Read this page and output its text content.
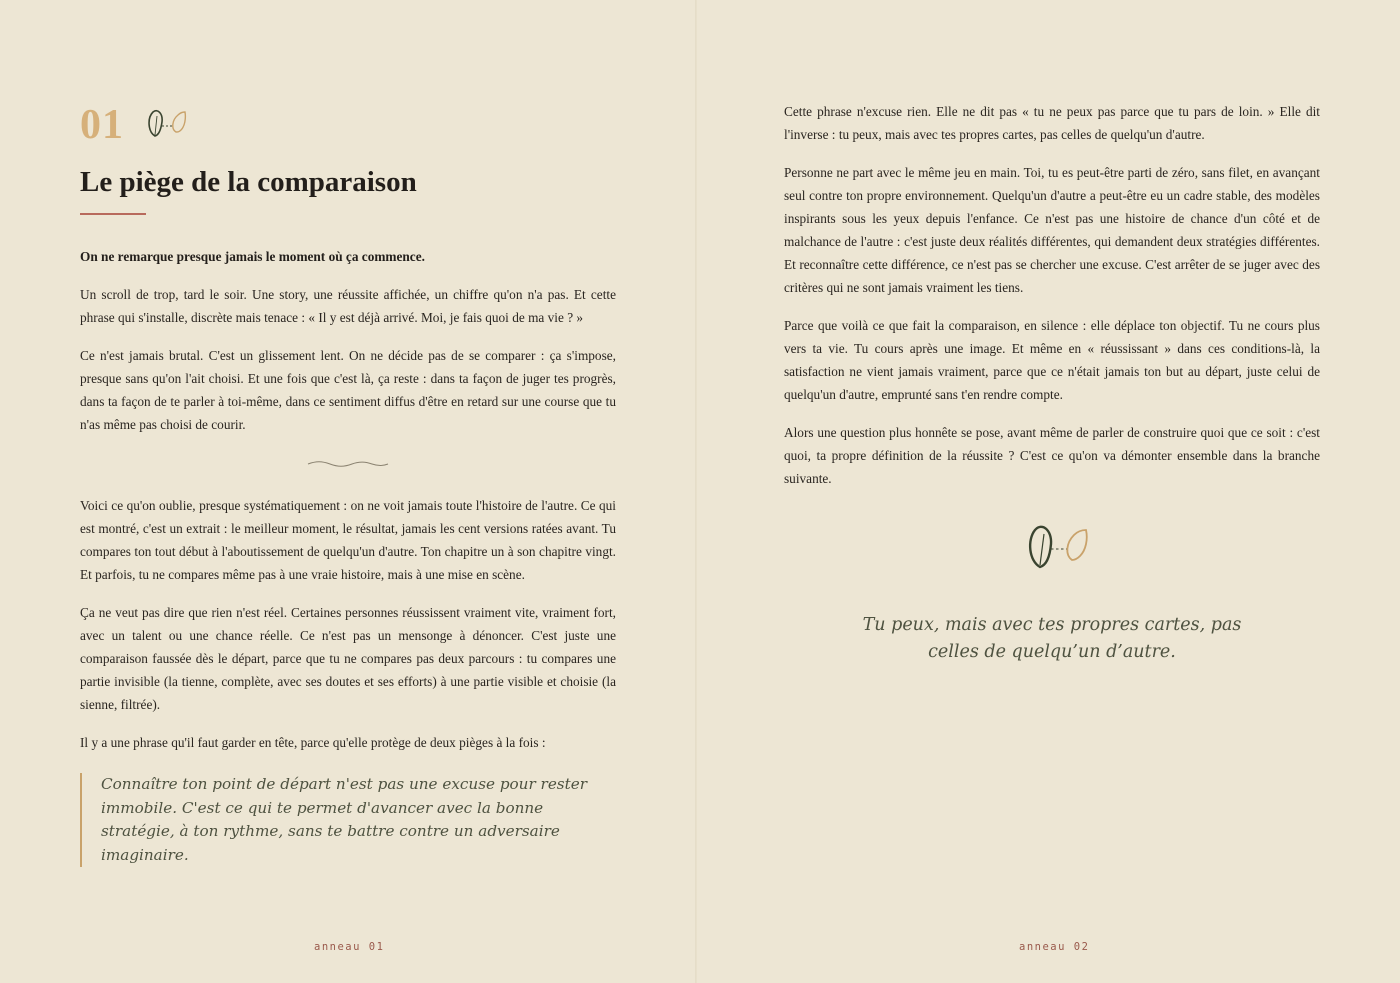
01
Le piège de la comparaison
On ne remarque presque jamais le moment où ça commence.

Un scroll de trop, tard le soir. Une story, une réussite affichée, un chiffre qu'on n'a pas. Et cette phrase qui s'installe, discrète mais tenace : « Il y est déjà arrivé. Moi, je fais quoi de ma vie ? »

Ce n'est jamais brutal. C'est un glissement lent. On ne décide pas de se comparer : ça s'impose, presque sans qu'on l'ait choisi. Et une fois que c'est là, ça reste : dans ta façon de juger tes progrès, dans ta façon de te parler à toi-même, dans ce sentiment diffus d'être en retard sur une course que tu n'as même pas choisi de courir.

Voici ce qu'on oublie, presque systématiquement : on ne voit jamais toute l'histoire de l'autre. Ce qui est montré, c'est un extrait : le meilleur moment, le résultat, jamais les cent versions ratées avant. Tu compares ton tout début à l'aboutissement de quelqu'un d'autre. Ton chapitre un à son chapitre vingt. Et parfois, tu ne compares même pas à une vraie histoire, mais à une mise en scène.

Ça ne veut pas dire que rien n'est réel. Certaines personnes réussissent vraiment vite, vraiment fort, avec un talent ou une chance réelle. Ce n'est pas un mensonge à dénoncer. C'est juste une comparaison faussée dès le départ, parce que tu ne compares pas deux parcours : tu compares une partie invisible (la tienne, complète, avec ses doutes et ses efforts) à une partie visible et choisie (la sienne, filtrée).

Il y a une phrase qu'il faut garder en tête, parce qu'elle protège de deux pièges à la fois :

Connaître ton point de départ n'est pas une excuse pour rester immobile. C'est ce qui te permet d'avancer avec la bonne stratégie, à ton rythme, sans te battre contre un adversaire imaginaire.
anneau 01

Cette phrase n'excuse rien. Elle ne dit pas « tu ne peux pas parce que tu pars de loin. » Elle dit l'inverse : tu peux, mais avec tes propres cartes, pas celles de quelqu'un d'autre.

Personne ne part avec le même jeu en main. Toi, tu es peut-être parti de zéro, sans filet, en avançant seul contre ton propre environnement. Quelqu'un d'autre a peut-être eu un cadre stable, des modèles inspirants sous les yeux depuis l'enfance. Ce n'est pas une histoire de chance d'un côté et de malchance de l'autre : c'est juste deux réalités différentes, qui demandent deux stratégies différentes. Et reconnaître cette différence, ce n'est pas se chercher une excuse. C'est arrêter de se juger avec des critères qui ne sont jamais vraiment les tiens.

Parce que voilà ce que fait la comparaison, en silence : elle déplace ton objectif. Tu ne cours plus vers ta vie. Tu cours après une image. Et même en « réussissant » dans ces conditions-là, la satisfaction ne vient jamais vraiment, parce que ce n'était jamais ton but au départ, juste celui de quelqu'un d'autre, emprunté sans t'en rendre compte.

Alors une question plus honnête se pose, avant même de parler de construire quoi que ce soit : c'est quoi, ta propre définition de la réussite ? C'est ce qu'on va démonter ensemble dans la branche suivante.

Tu peux, mais avec tes propres cartes, pas celles de quelqu’un d’autre.
anneau 02
